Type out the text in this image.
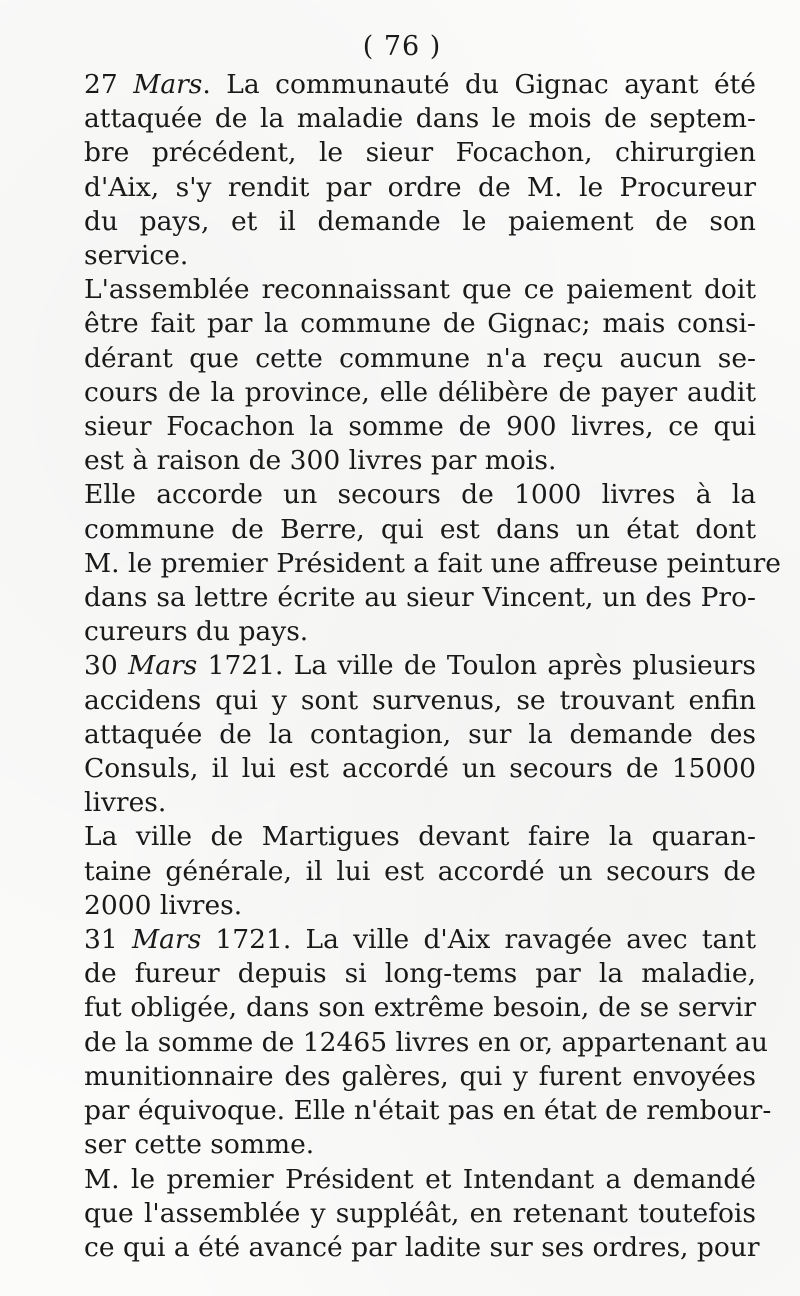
( 76 )

27 Mars. La communauté du Gignac ayant été
attaquée de la maladie dans le mois de septem-
bre précédent, le sieur Focachon, chirurgien
d'Aix, s'y rendit par ordre de M. le Procureur
du pays, et il demande le paiement de son
service.

L'assemblée reconnaissant que ce paiement doit
être fait par la commune de Gignac; mais consi-
dérant que cette commune n'a reçu aucun se-
cours de la province, elle délibère de payer audit
sieur Focachon la somme de 900 livres, ce qui
est à raison de 300 livres par mois.

Elle accorde un secours de 1000 livres à la
commune de Berre, qui est dans un état dont
M. le premier Président a fait une affreuse peinture
dans sa lettre écrite au sieur Vincent, un des Pro-
cureurs du pays.

30 Mars 1721. La ville de Toulon après plusieurs
accidens qui y sont survenus, se trouvant enfin
attaquée de la contagion, sur la demande des
Consuls, il lui est accordé un secours de 15000
livres.

La ville de Martigues devant faire la quaran-
taine générale, il lui est accordé un secours de
2000 livres.

31 Mars 1721. La ville d'Aix ravagée avec tant
de fureur depuis si long-tems par la maladie,
fut obligée, dans son extrême besoin, de se servir
de la somme de 12465 livres en or, appartenant au
munitionnaire des galères, qui y furent envoyées
par équivoque. Elle n'était pas en état de rembour-
ser cette somme.

M. le premier Président et Intendant a demandé
que l'assemblée y suppléât, en retenant toutefois
ce qui a été avancé par ladite sur ses ordres, pour
